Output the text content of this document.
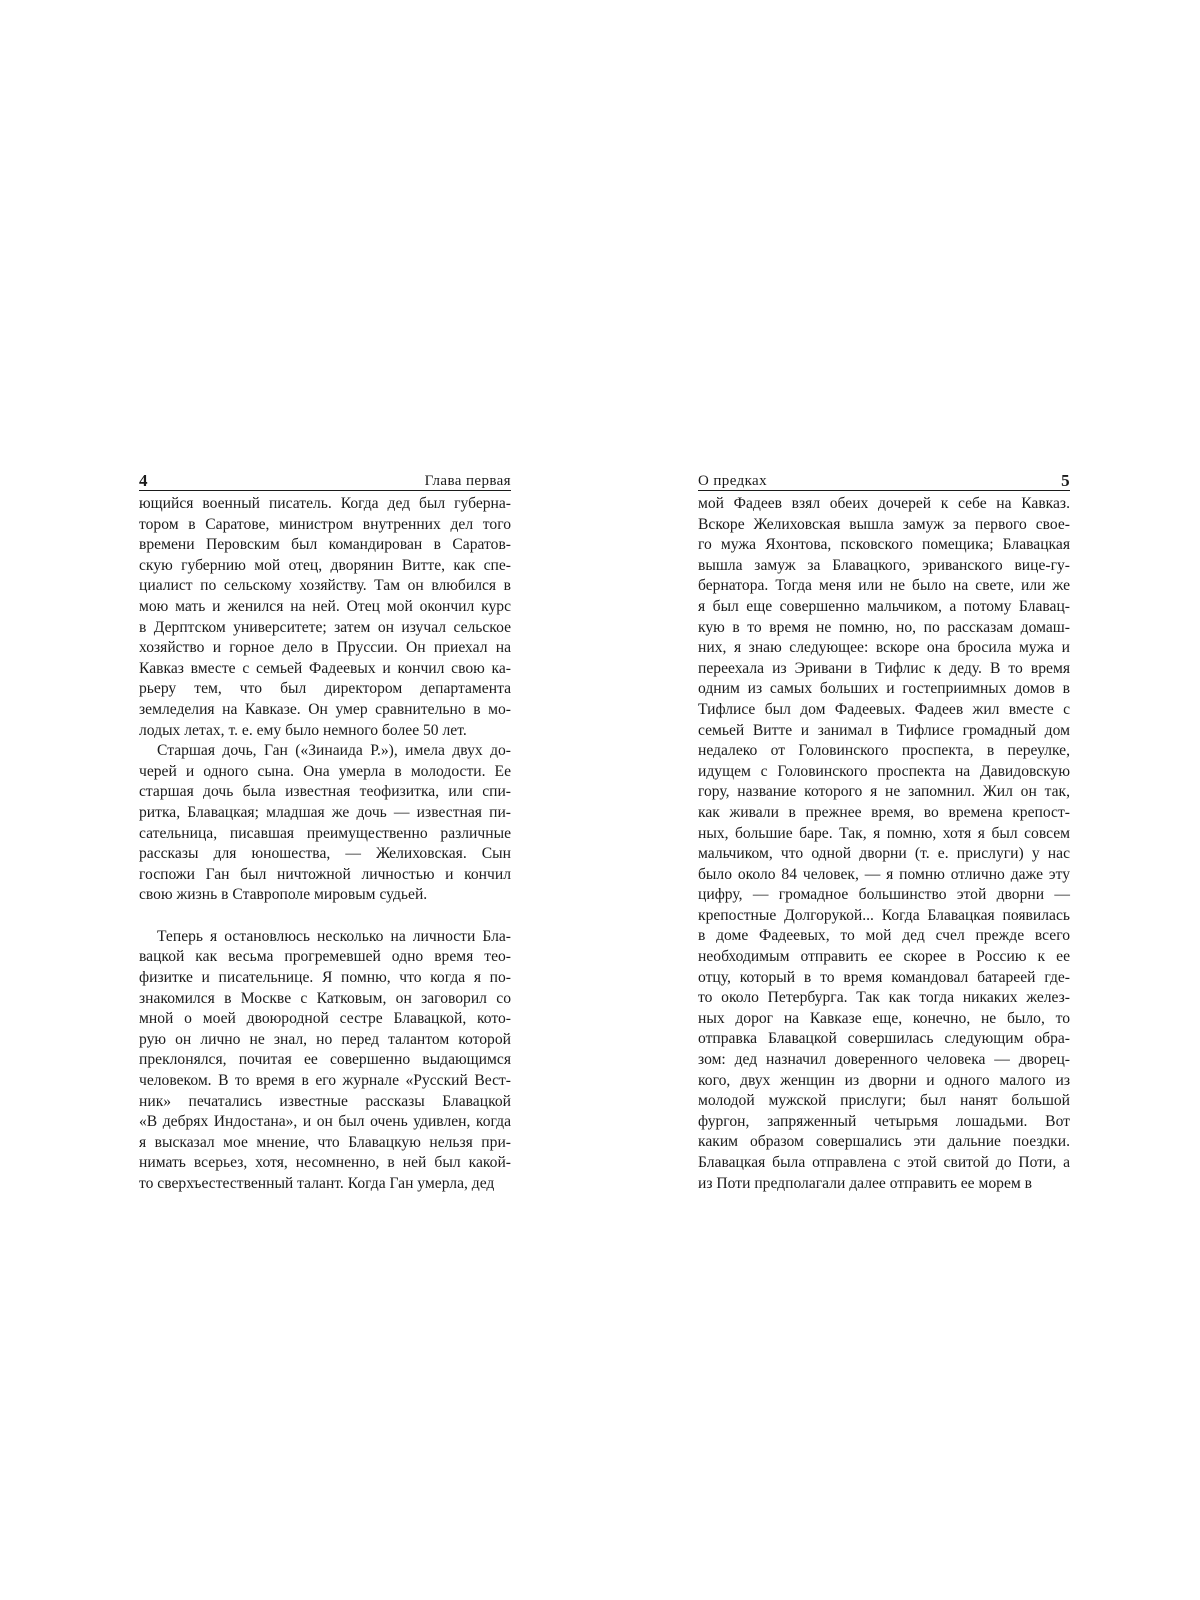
4	Глава первая
ющийся военный писатель. Когда дед был губерна-
тором в Саратове, министром внутренних дел того
времени Перовским был командирован в Саратов-
скую губернию мой отец, дворянин Витте, как спе-
циалист по сельскому хозяйству. Там он влюбился в
мою мать и женился на ней. Отец мой окончил курс
в Дерптском университете; затем он изучал сельское
хозяйство и горное дело в Пруссии. Он приехал на
Кавказ вместе с семьей Фадеевых и кончил свою ка-
рьеру тем, что был директором департамента
земледелия на Кавказе. Он умер сравнительно в мо-
лодых летах, т. е. ему было немного более 50 лет.
Старшая дочь, Ган («Зинаида Р.»), имела двух до-
черей и одного сына. Она умерла в молодости. Ее
старшая дочь была известная теофизитка, или спи-
ритка, Блавацкая; младшая же дочь — известная пи-
сательница, писавшая преимущественно различные
рассказы для юношества, — Желиховская. Сын
госпожи Ган был ничтожной личностью и кончил
свою жизнь в Ставрополе мировым судьей.
Теперь я остановлюсь несколько на личности Бла-
вацкой как весьма прогремевшей одно время тео-
физитке и писательнице. Я помню, что когда я по-
знакомился в Москве с Катковым, он заговорил со
мной о моей двоюродной сестре Блавацкой, кото-
рую он лично не знал, но перед талантом которой
преклонялся, почитая ее совершенно выдающимся
человеком. В то время в его журнале «Русский Вест-
ник» печатались известные рассказы Блавацкой
«В дебрях Индостана», и он был очень удивлен, когда
я высказал мое мнение, что Блавацкую нельзя при-
нимать всерьез, хотя, несомненно, в ней был какой-
то сверхъестественный талант. Когда Ган умерла, дед
О предках	5
мой Фадеев взял обеих дочерей к себе на Кавказ.
Вскоре Желиховская вышла замуж за первого свое-
го мужа Яхонтова, псковского помещика; Блавацкая
вышла замуж за Блавацкого, эриванского вице-гу-
бернатора. Тогда меня или не было на свете, или же
я был еще совершенно мальчиком, а потому Блавац-
кую в то время не помню, но, по рассказам домаш-
них, я знаю следующее: вскоре она бросила мужа и
переехала из Эривани в Тифлис к деду. В то время
одним из самых больших и гостеприимных домов в
Тифлисе был дом Фадеевых. Фадеев жил вместе с
семьей Витте и занимал в Тифлисе громадный дом
недалеко от Головинского проспекта, в переулке,
идущем с Головинского проспекта на Давидовскую
гору, название которого я не запомнил. Жил он так,
как живали в прежнее время, во времена крепост-
ных, большие баре. Так, я помню, хотя я был совсем
мальчиком, что одной дворни (т. е. прислуги) у нас
было около 84 человек, — я помню отлично даже эту
цифру, — громадное большинство этой дворни —
крепостные Долгорукой... Когда Блавацкая появилась
в доме Фадеевых, то мой дед счел прежде всего
необходимым отправить ее скорее в Россию к ее
отцу, который в то время командовал батареей где-
то около Петербурга. Так как тогда никаких желез-
ных дорог на Кавказе еще, конечно, не было, то
отправка Блавацкой совершилась следующим обра-
зом: дед назначил доверенного человека — дворец-
кого, двух женщин из дворни и одного малого из
молодой мужской прислуги; был нанят большой
фургон, запряженный четырьмя лошадьми. Вот
каким образом совершались эти дальние поездки.
Блавацкая была отправлена с этой свитой до Поти, а
из Поти предполагали далее отправить ее морем в
